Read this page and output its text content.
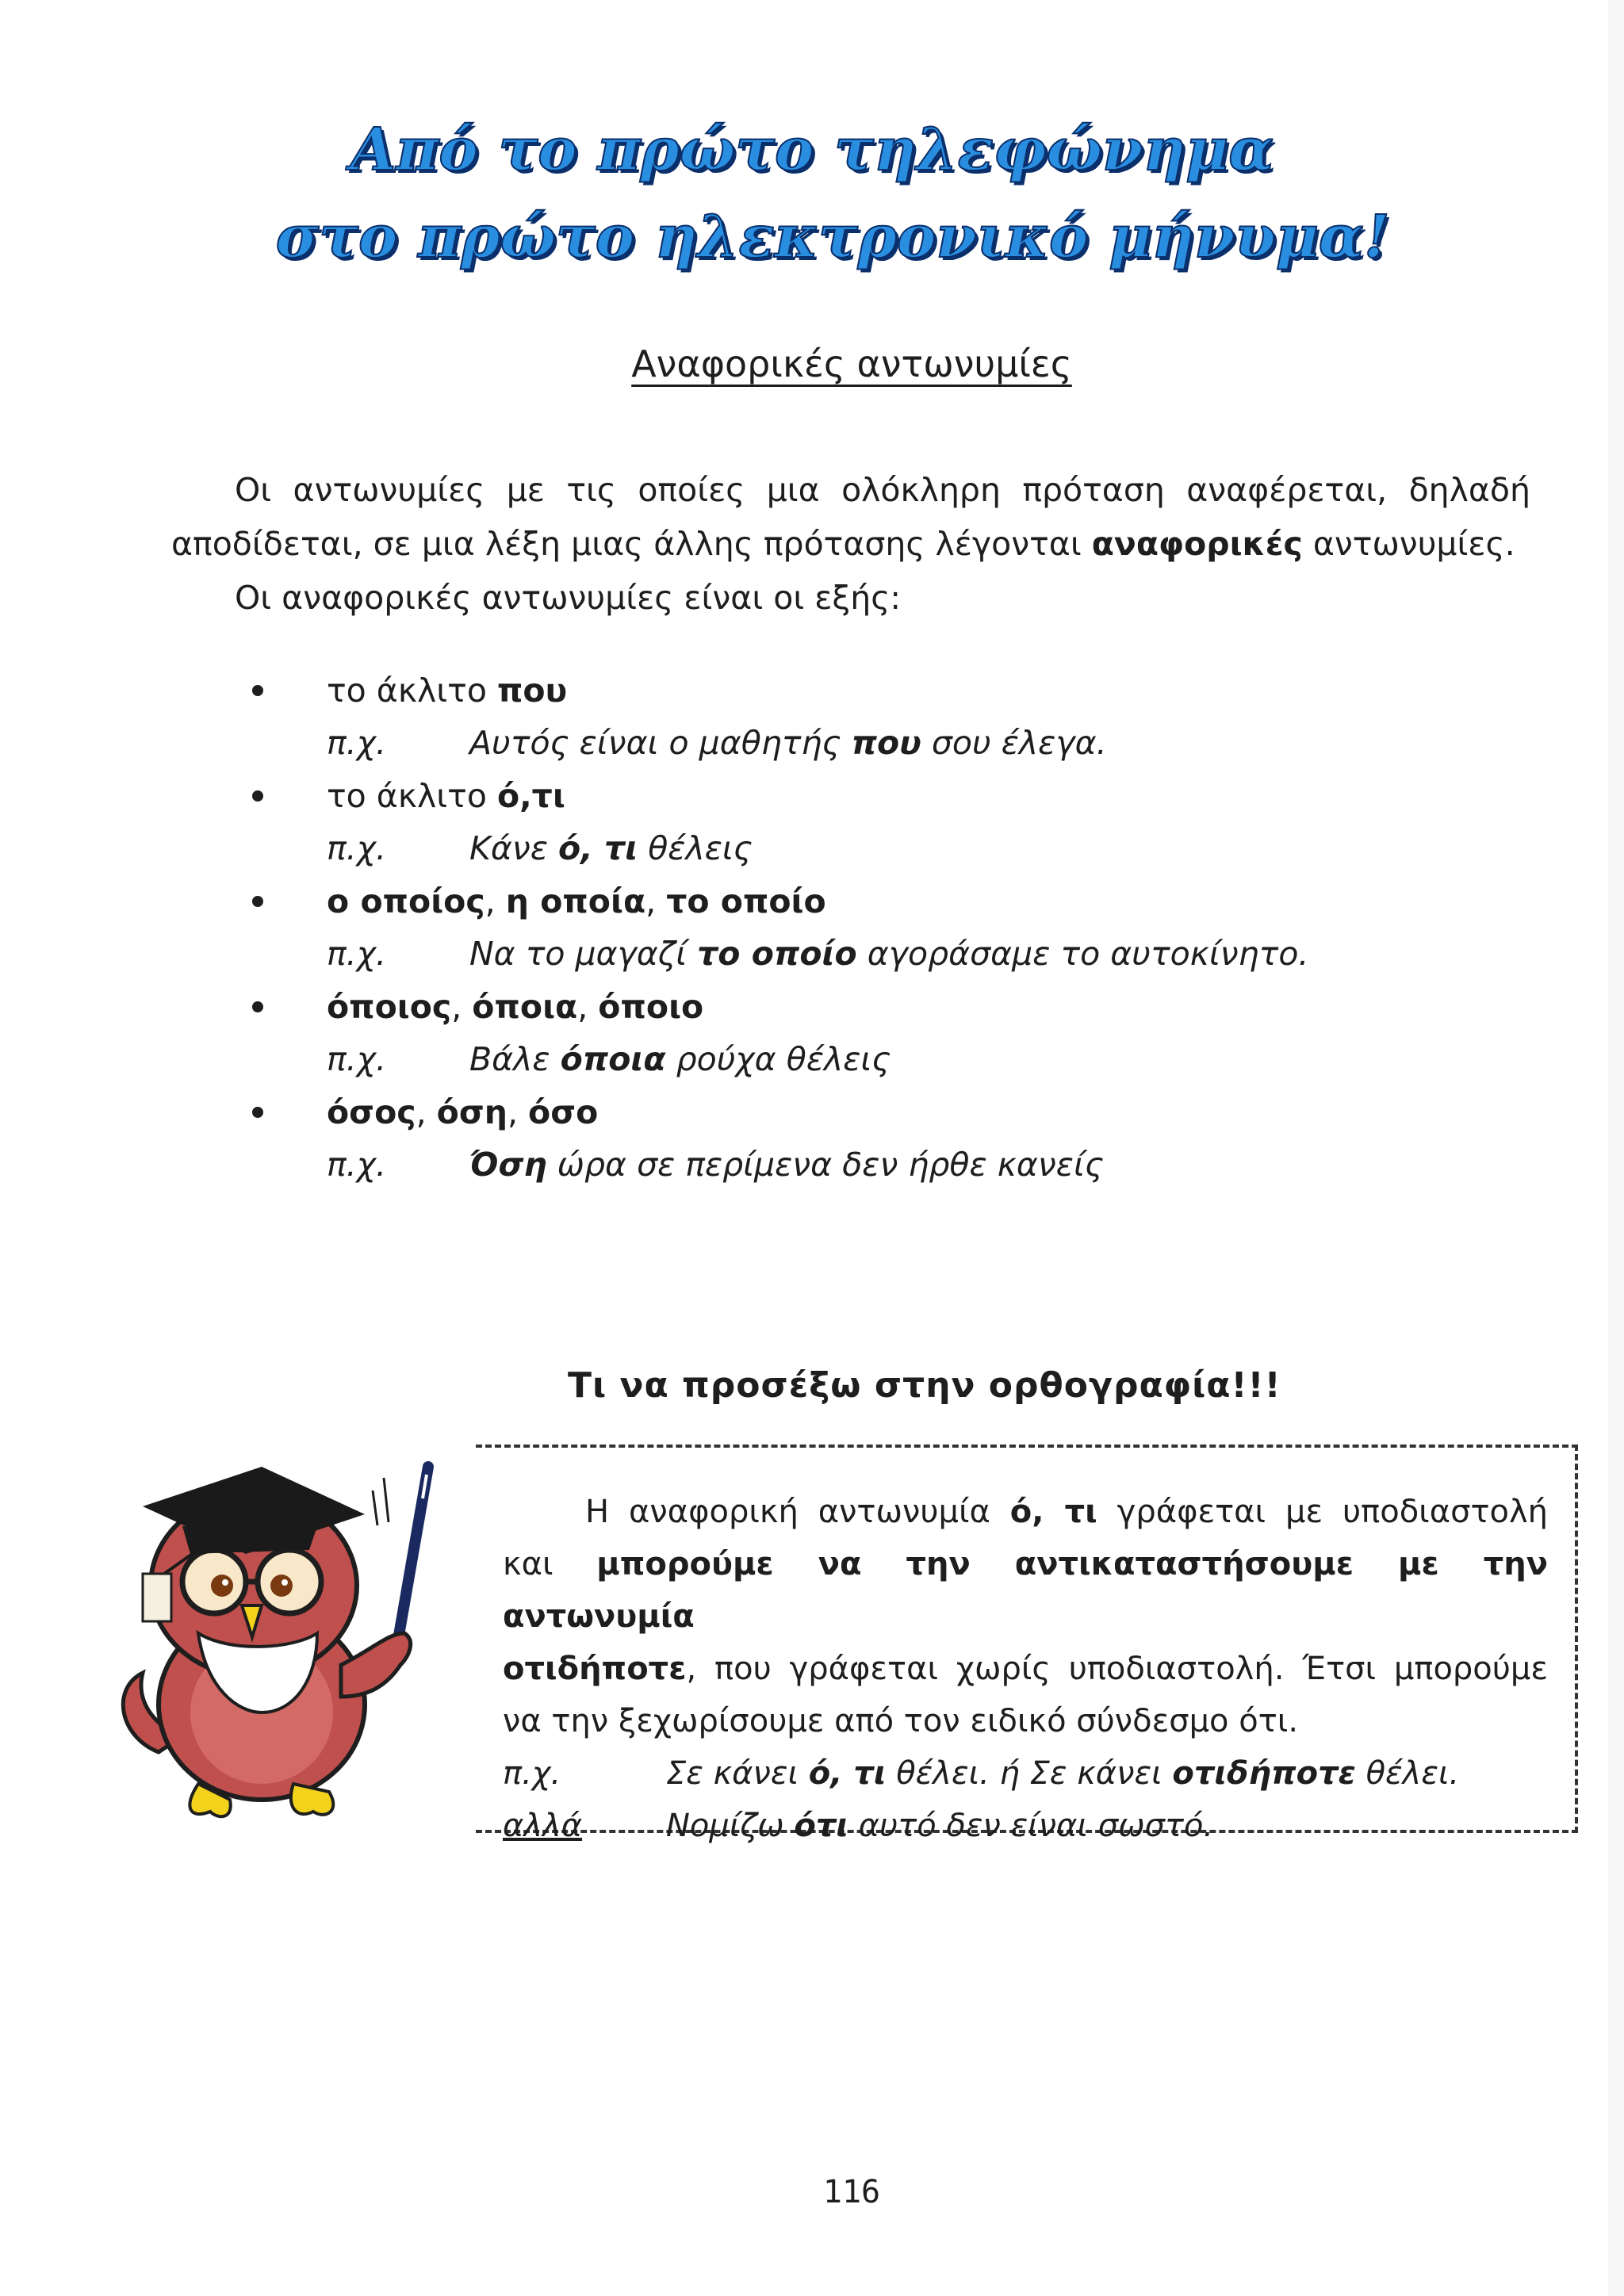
Από το πρώτο τηλεφώνημα
στο πρώτο ηλεκτρονικό μήνυμα!
Αναφορικές αντωνυμίες

Οι αντωνυμίες με τις οποίες μια ολόκληρη πρόταση αναφέρεται, δηλαδή

αποδίδεται, σε μια λέξη μιας άλλης πρότασης λέγονται αναφορικές αντωνυμίες.

Οι αναφορικές αντωνυμίες είναι οι εξής:

το άκλιτο που
π.χ.	Αυτός είναι ο μαθητής που σου έλεγα.
το άκλιτο ό,τι
π.χ.	Κάνε ό, τι θέλεις
ο οποίος, η οποία, το οποίο
π.χ.	Να το μαγαζί το οποίο αγοράσαμε το αυτοκίνητο.
όποιος, όποια, όποιο
π.χ.	Βάλε όποια ρούχα θέλεις
όσος, όση, όσο
π.χ.	Όση ώρα σε περίμενα δεν ήρθε κανείς
Τι να προσέξω στην ορθογραφία!!!

Η αναφορική αντωνυμία ό, τι γράφεται με υποδιαστολή

και μπορούμε να την αντικαταστήσουμε με την αντωνυμία

οτιδήποτε, που γράφεται χωρίς υποδιαστολή. Έτσι μπορούμε

να την ξεχωρίσουμε από τον ειδικό σύνδεσμο ότι.

π.χ.	Σε κάνει ό, τι θέλει. ή Σε κάνει οτιδήποτε θέλει.
αλλά	Νομίζω ότι αυτό δεν είναι σωστό.
116
